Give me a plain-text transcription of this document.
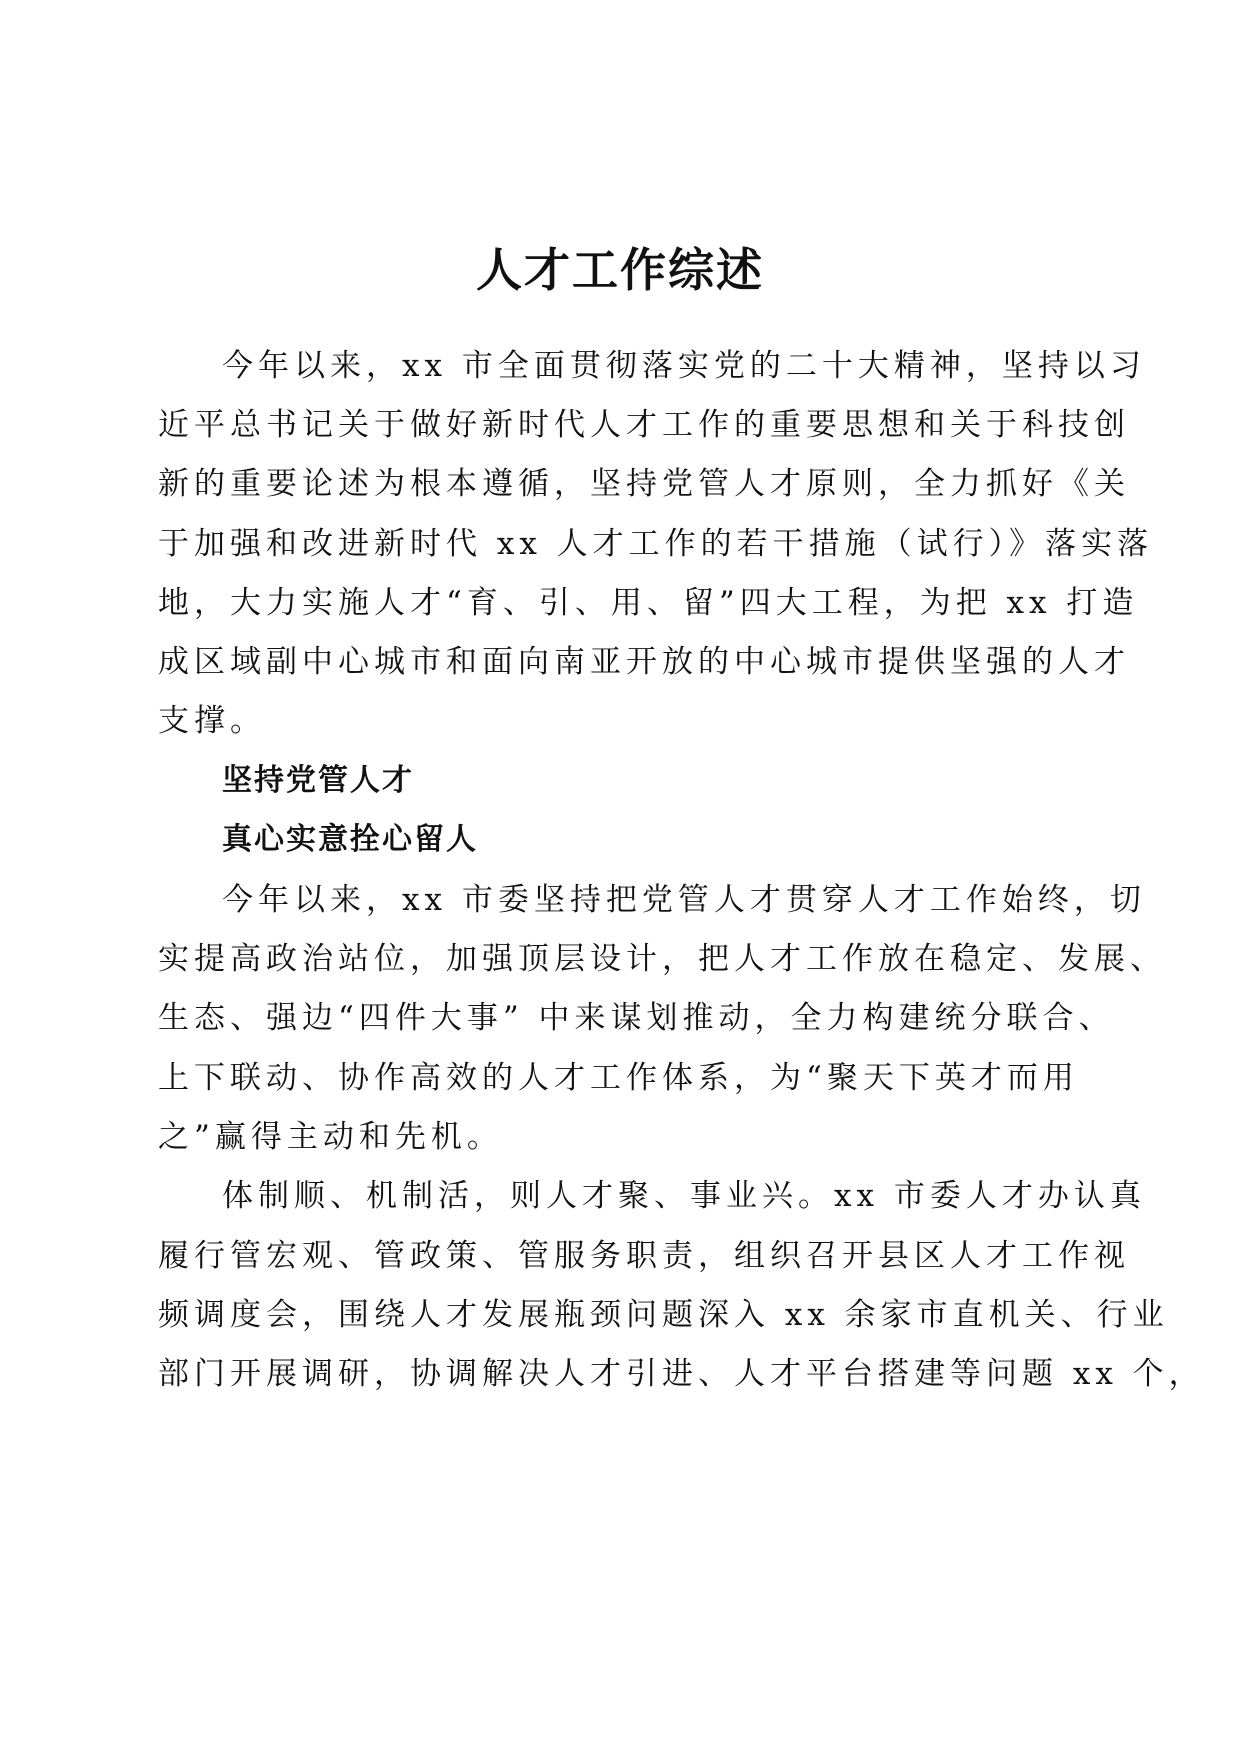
人才工作综述

今年以来，xx 市全面贯彻落实党的二十大精神，坚持以习

近平总书记关于做好新时代人才工作的重要思想和关于科技创

新的重要论述为根本遵循，坚持党管人才原则，全力抓好《关

于加强和改进新时代 xx 人才工作的若干措施（试行）》落实落

地，大力实施人才“育、引、用、留”四大工程，为把 xx 打造

成区域副中心城市和面向南亚开放的中心城市提供坚强的人才

支撑。

坚持党管人才

真心实意拴心留人

今年以来，xx 市委坚持把党管人才贯穿人才工作始终，切

实提高政治站位，加强顶层设计，把人才工作放在稳定、发展、

生态、强边“四件大事” 中来谋划推动，全力构建统分联合、

上下联动、协作高效的人才工作体系，为“聚天下英才而用

之”赢得主动和先机。

体制顺、机制活，则人才聚、事业兴。xx 市委人才办认真

履行管宏观、管政策、管服务职责，组织召开县区人才工作视

频调度会，围绕人才发展瓶颈问题深入 xx 余家市直机关、行业

部门开展调研，协调解决人才引进、人才平台搭建等问题 xx 个，
